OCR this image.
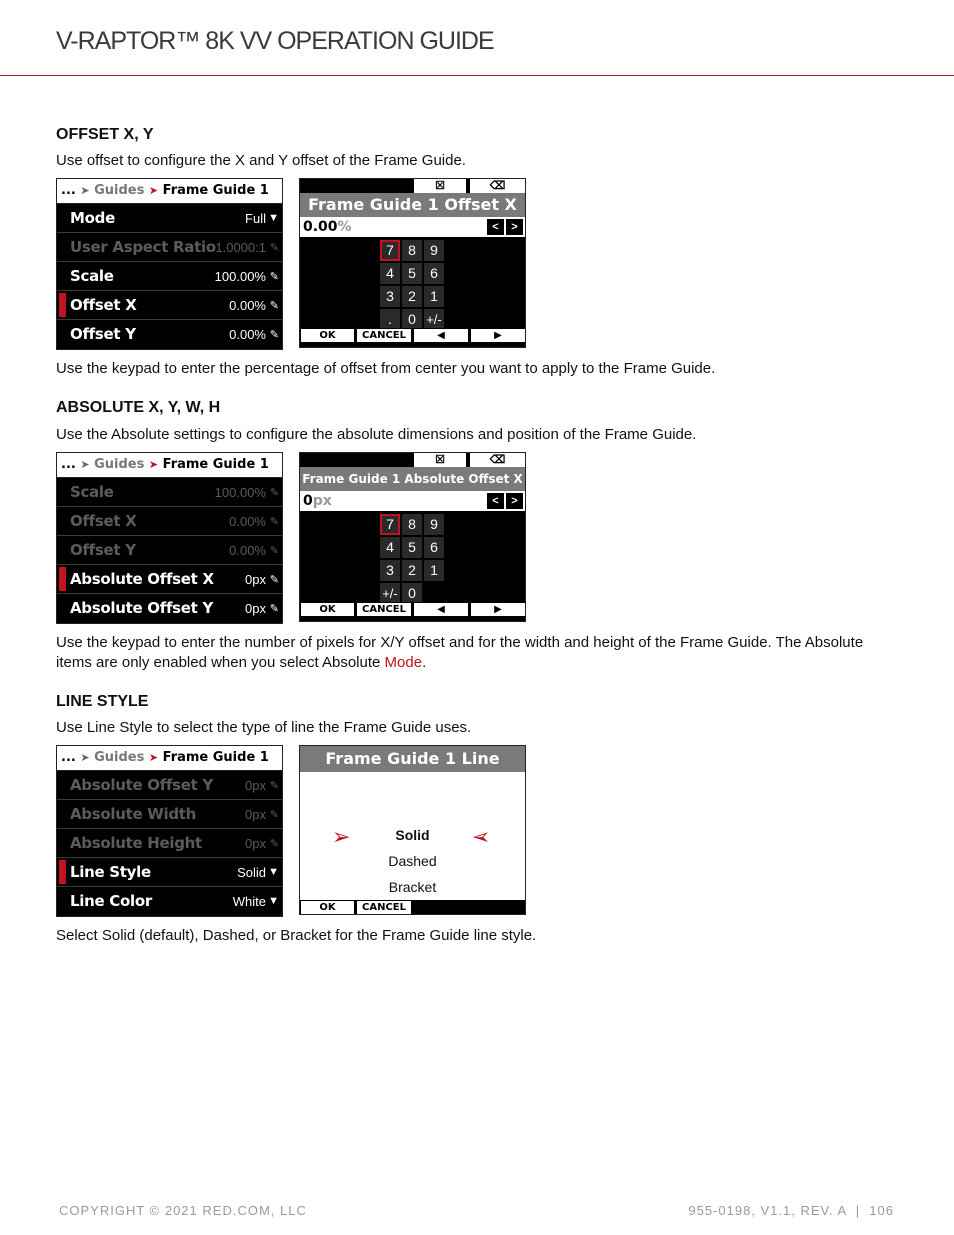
V-RAPTOR™ 8K VV OPERATION GUIDE
OFFSET X, Y
Use offset to configure the X and Y offset of the Frame Guide.
... ➤ Guides ➤ Frame Guide 1
Mode	Full ▼
User Aspect Ratio 1.0000:1 ✎
Scale	100.00% ✎
Offset X	0.00% ✎
Offset Y	0.00% ✎
☒	⌫
Frame Guide 1 Offset X
0.00%	<	>
7	8	9
4	5	6
3	2	1
.	0 +/-
OK	CANCEL	◀	▶
Use the keypad to enter the percentage of offset from center you want to apply to the Frame Guide.
ABSOLUTE X, Y, W, H
Use the Absolute settings to configure the absolute dimensions and position of the Frame Guide.
... ➤ Guides ➤ Frame Guide 1
Scale	100.00% ✎
Offset X	0.00% ✎
Offset Y	0.00% ✎
Absolute Offset X 0px ✎
Absolute Offset Y 0px ✎
☒	⌫
Frame Guide 1 Absolute Offset X
0px	<	>
7	8	9
4	5	6
3	2	1
+/- 0
OK	CANCEL	◀	▶
Use the keypad to enter the number of pixels for X/Y offset and for the width and height of the Frame Guide. The Absolute items are only enabled when you select Absolute Mode.
LINE STYLE
Use Line Style to select the type of line the Frame Guide uses.
... ➤ Guides ➤ Frame Guide 1
Absolute Offset Y 0px ✎
Absolute Width	0px ✎
Absolute Height	0px ✎
Line Style	Solid ▼
Line Color	White ▼
Frame Guide 1 Line Style
➢	➢
Solid
Dashed
Bracket
OK	CANCEL
Select Solid (default), Dashed, or Bracket for the Frame Guide line style.
COPYRIGHT © 2021 RED.COM, LLC	955-0198, V1.1, REV. A  |  106
